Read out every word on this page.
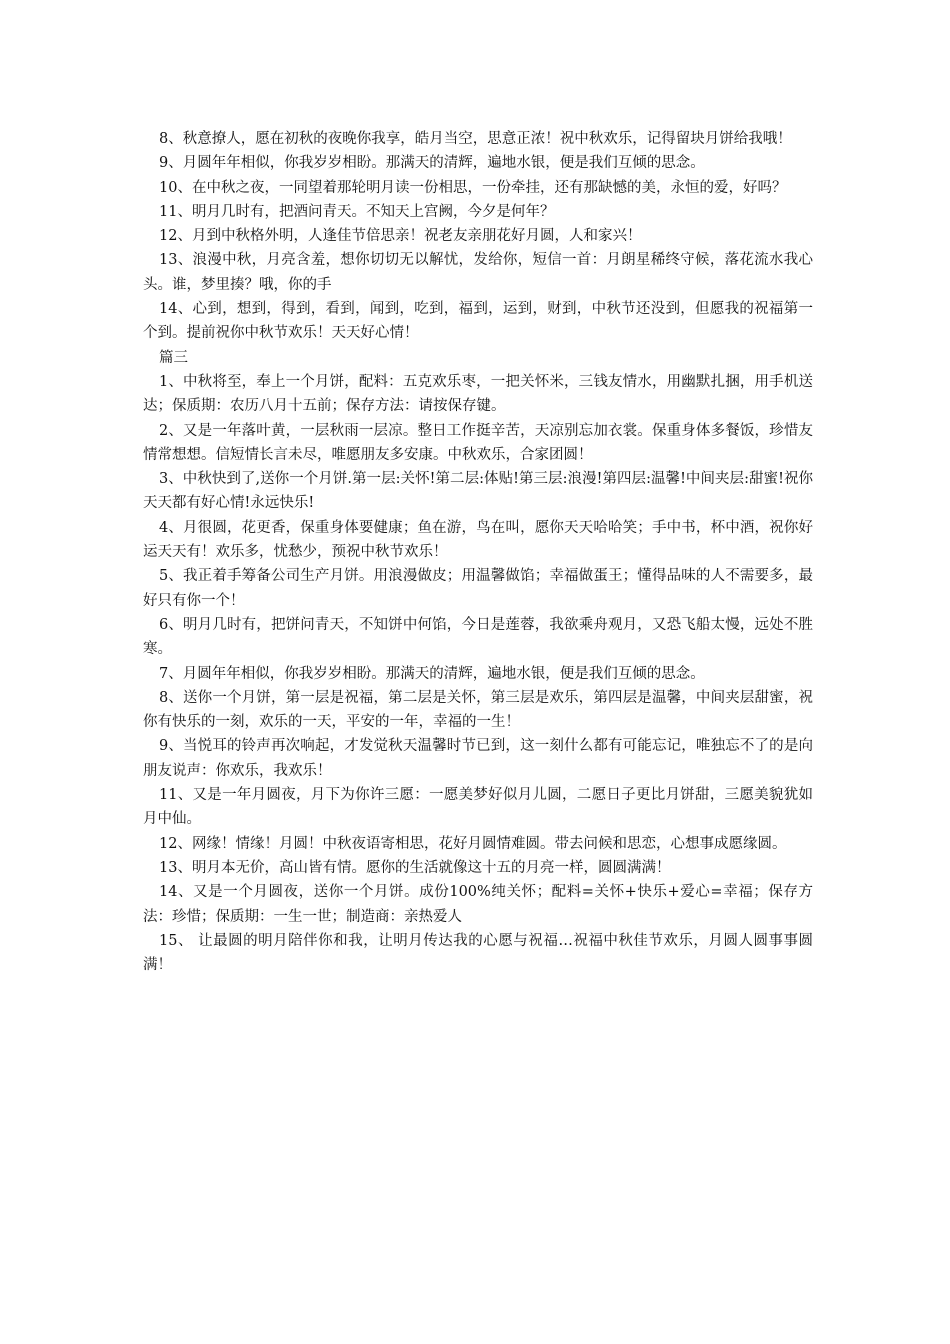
8、秋意撩人，愿在初秋的夜晚你我享，皓月当空，思意正浓！祝中秋欢乐，记得留块月饼给我哦！

9、月圆年年相似，你我岁岁相盼。那满天的清辉，遍地水银，便是我们互倾的思念。

10、在中秋之夜，一同望着那轮明月读一份相思，一份牵挂，还有那缺憾的美，永恒的爱，好吗？

11、明月几时有，把酒问青天。不知天上宫阙，今夕是何年？

12、月到中秋格外明，人逢佳节倍思亲！祝老友亲朋花好月圆，人和家兴！

13、浪漫中秋，月亮含羞，想你切切无以解忧，发给你，短信一首：月朗星稀终守候，落花流水我心头。谁，梦里揍？哦，你的手

14、心到，想到，得到，看到，闻到，吃到，福到，运到，财到，中秋节还没到，但愿我的祝福第一个到。提前祝你中秋节欢乐！天天好心情！

篇三

1、中秋将至，奉上一个月饼，配料：五克欢乐枣，一把关怀米，三钱友情水，用幽默扎捆，用手机送达；保质期：农历八月十五前；保存方法：请按保存键。

2、又是一年落叶黄，一层秋雨一层凉。整日工作挺辛苦，天凉别忘加衣裳。保重身体多餐饭，珍惜友情常想想。信短情长言未尽，唯愿朋友多安康。中秋欢乐，合家团圆！

3、中秋快到了,送你一个月饼.第一层:关怀!第二层:体贴!第三层:浪漫!第四层:温馨!中间夹层:甜蜜!祝你天天都有好心情!永远快乐!

4、月很圆，花更香，保重身体要健康；鱼在游，鸟在叫，愿你天天哈哈笑；手中书，杯中酒，祝你好运天天有！欢乐多，忧愁少，预祝中秋节欢乐！

5、我正着手筹备公司生产月饼。用浪漫做皮；用温馨做馅；幸福做蛋王；懂得品味的人不需要多，最好只有你一个！

6、明月几时有，把饼问青天，不知饼中何馅，今日是莲蓉，我欲乘舟观月，又恐飞船太慢，远处不胜寒。

7、月圆年年相似，你我岁岁相盼。那满天的清辉，遍地水银，便是我们互倾的思念。

8、送你一个月饼，第一层是祝福，第二层是关怀，第三层是欢乐，第四层是温馨，中间夹层甜蜜，祝你有快乐的一刻，欢乐的一天，平安的一年，幸福的一生！

9、当悦耳的铃声再次响起，才发觉秋天温馨时节已到，这一刻什么都有可能忘记，唯独忘不了的是向朋友说声：你欢乐，我欢乐！

11、又是一年月圆夜，月下为你许三愿：一愿美梦好似月儿圆，二愿日子更比月饼甜，三愿美貌犹如月中仙。

12、网缘！情缘！月圆！中秋夜语寄相思，花好月圆情难圆。带去问候和思恋，心想事成愿缘圆。

13、明月本无价，高山皆有情。愿你的生活就像这十五的月亮一样，圆圆满满！

14、又是一个月圆夜，送你一个月饼。成份100%纯关怀；配料=关怀+快乐+爱心=幸福；保存方法：珍惜；保质期：一生一世；制造商：亲热爱人

15、 让最圆的明月陪伴你和我，让明月传达我的心愿与祝福…祝福中秋佳节欢乐，月圆人圆事事圆满！
